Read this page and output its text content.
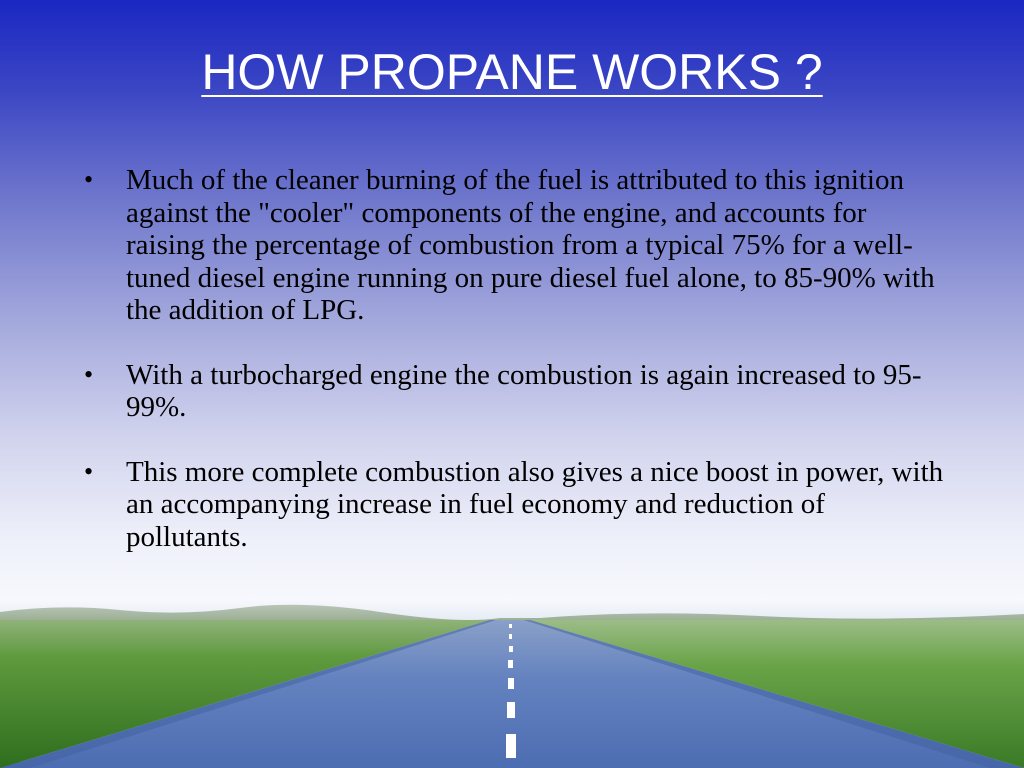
HOW PROPANE WORKS ?
• Much of the cleaner burning of the fuel is attributed to this ignition against the "cooler" components of the engine, and accounts for raising the percentage of combustion from a typical 75% for a well-tuned diesel engine running on pure diesel fuel alone, to 85-90% with the addition of LPG.
• With a turbocharged engine the combustion is again increased to 95-99%.
• This more complete combustion also gives a nice boost in power, with an accompanying increase in fuel economy and reduction of pollutants.
